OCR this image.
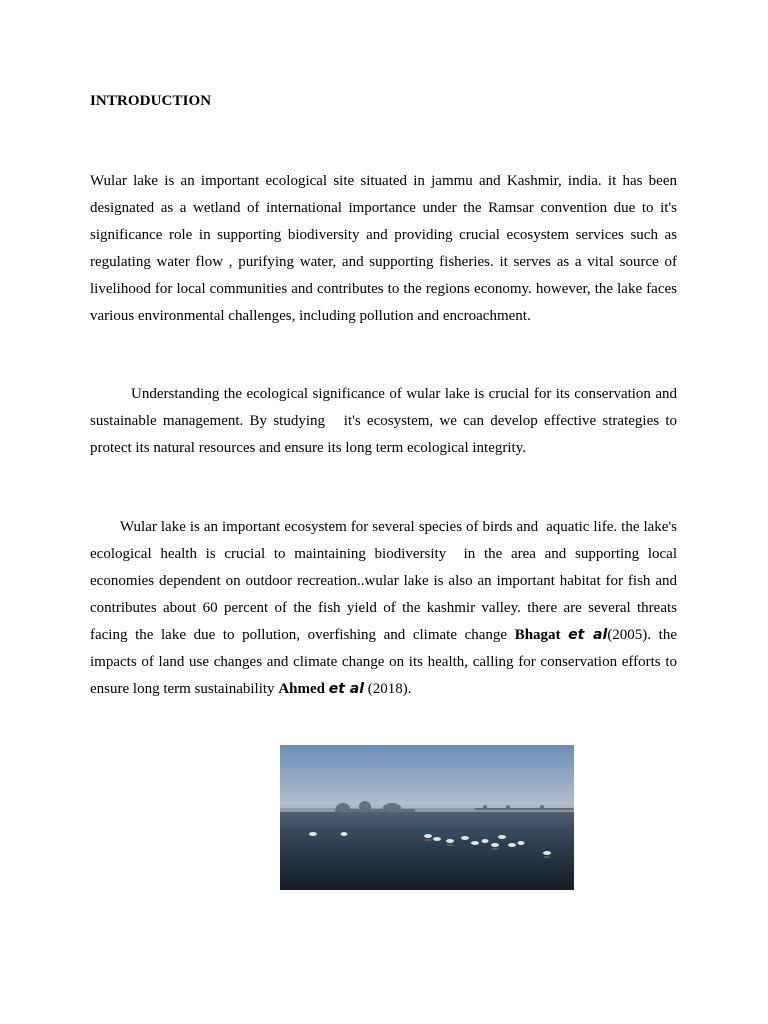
INTRODUCTION

Wular lake is an important ecological site situated in jammu and Kashmir, india. it has been designated as a wetland of international importance under the Ramsar convention due to it's significance role in supporting biodiversity and providing crucial ecosystem services such as regulating water flow , purifying water, and supporting fisheries. it serves as a vital source of livelihood for local communities and contributes to the regions economy. however, the lake faces various environmental challenges, including pollution and encroachment.

Understanding the ecological significance of wular lake is crucial for its conservation and sustainable management. By studying   it's ecosystem, we can develop effective strategies to protect its natural resources and ensure its long term ecological integrity.

Wular lake is an important ecosystem for several species of birds and  aquatic life. the lake's ecological health is crucial to maintaining biodiversity  in the area and supporting local economies dependent on outdoor recreation..wular lake is also an important habitat for fish and contributes about 60 percent of the fish yield of the kashmir valley. there are several threats facing the lake due to pollution, overfishing and climate change Bhagat et al(2005). the impacts of land use changes and climate change on its health, calling for conservation efforts to ensure long term sustainability Ahmed et al (2018).
